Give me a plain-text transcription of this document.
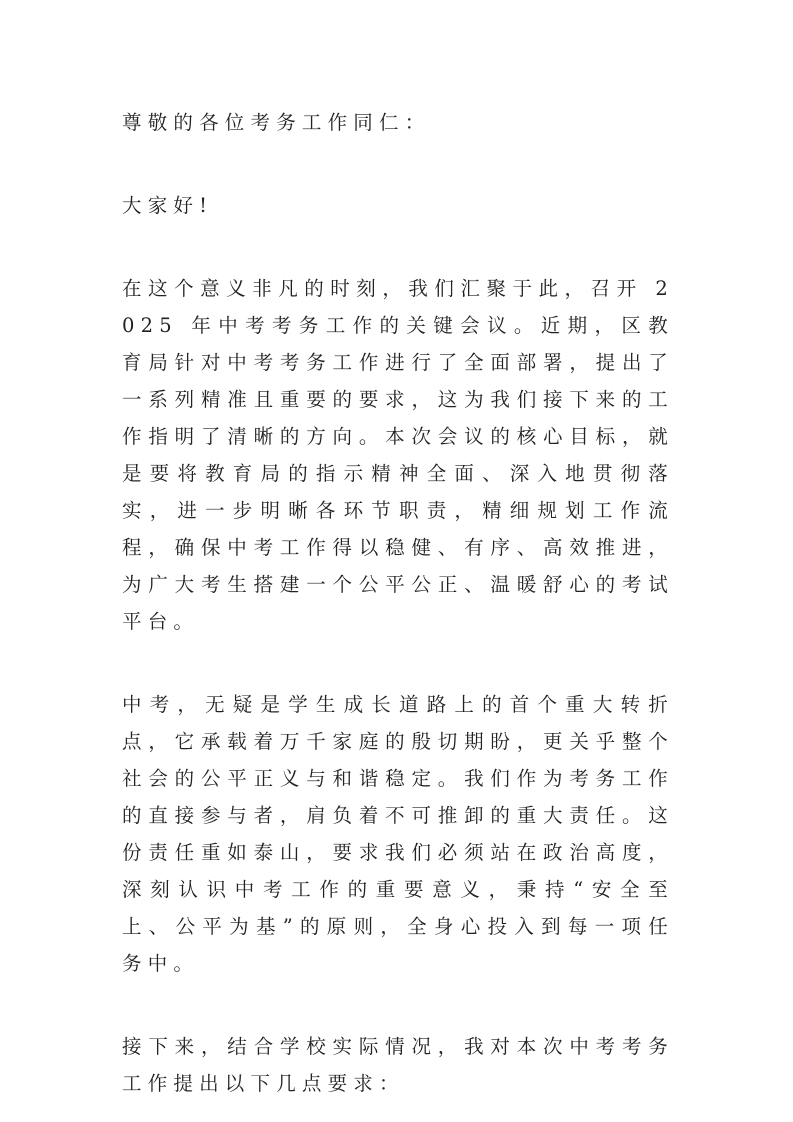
尊敬的各位考务工作同仁：

大家好!

在这个意义非凡的时刻，我们汇聚于此，召开 2025 年中考考务工作的关键会议。近期，区教育局针对中考考务工作进行了全面部署，提出了一系列精准且重要的要求，这为我们接下来的工作指明了清晰的方向。本次会议的核心目标，就是要将教育局的指示精神全面、深入地贯彻落实，进一步明晰各环节职责，精细规划工作流程，确保中考工作得以稳健、有序、高效推进，为广大考生搭建一个公平公正、温暖舒心的考试平台。

中考，无疑是学生成长道路上的首个重大转折点，它承载着万千家庭的殷切期盼，更关乎整个社会的公平正义与和谐稳定。我们作为考务工作的直接参与者，肩负着不可推卸的重大责任。这份责任重如泰山，要求我们必须站在政治高度，深刻认识中考工作的重要意义，秉持“安全至上、公平为基”的原则，全身心投入到每一项任务中。

接下来，结合学校实际情况，我对本次中考考务工作提出以下几点要求：
